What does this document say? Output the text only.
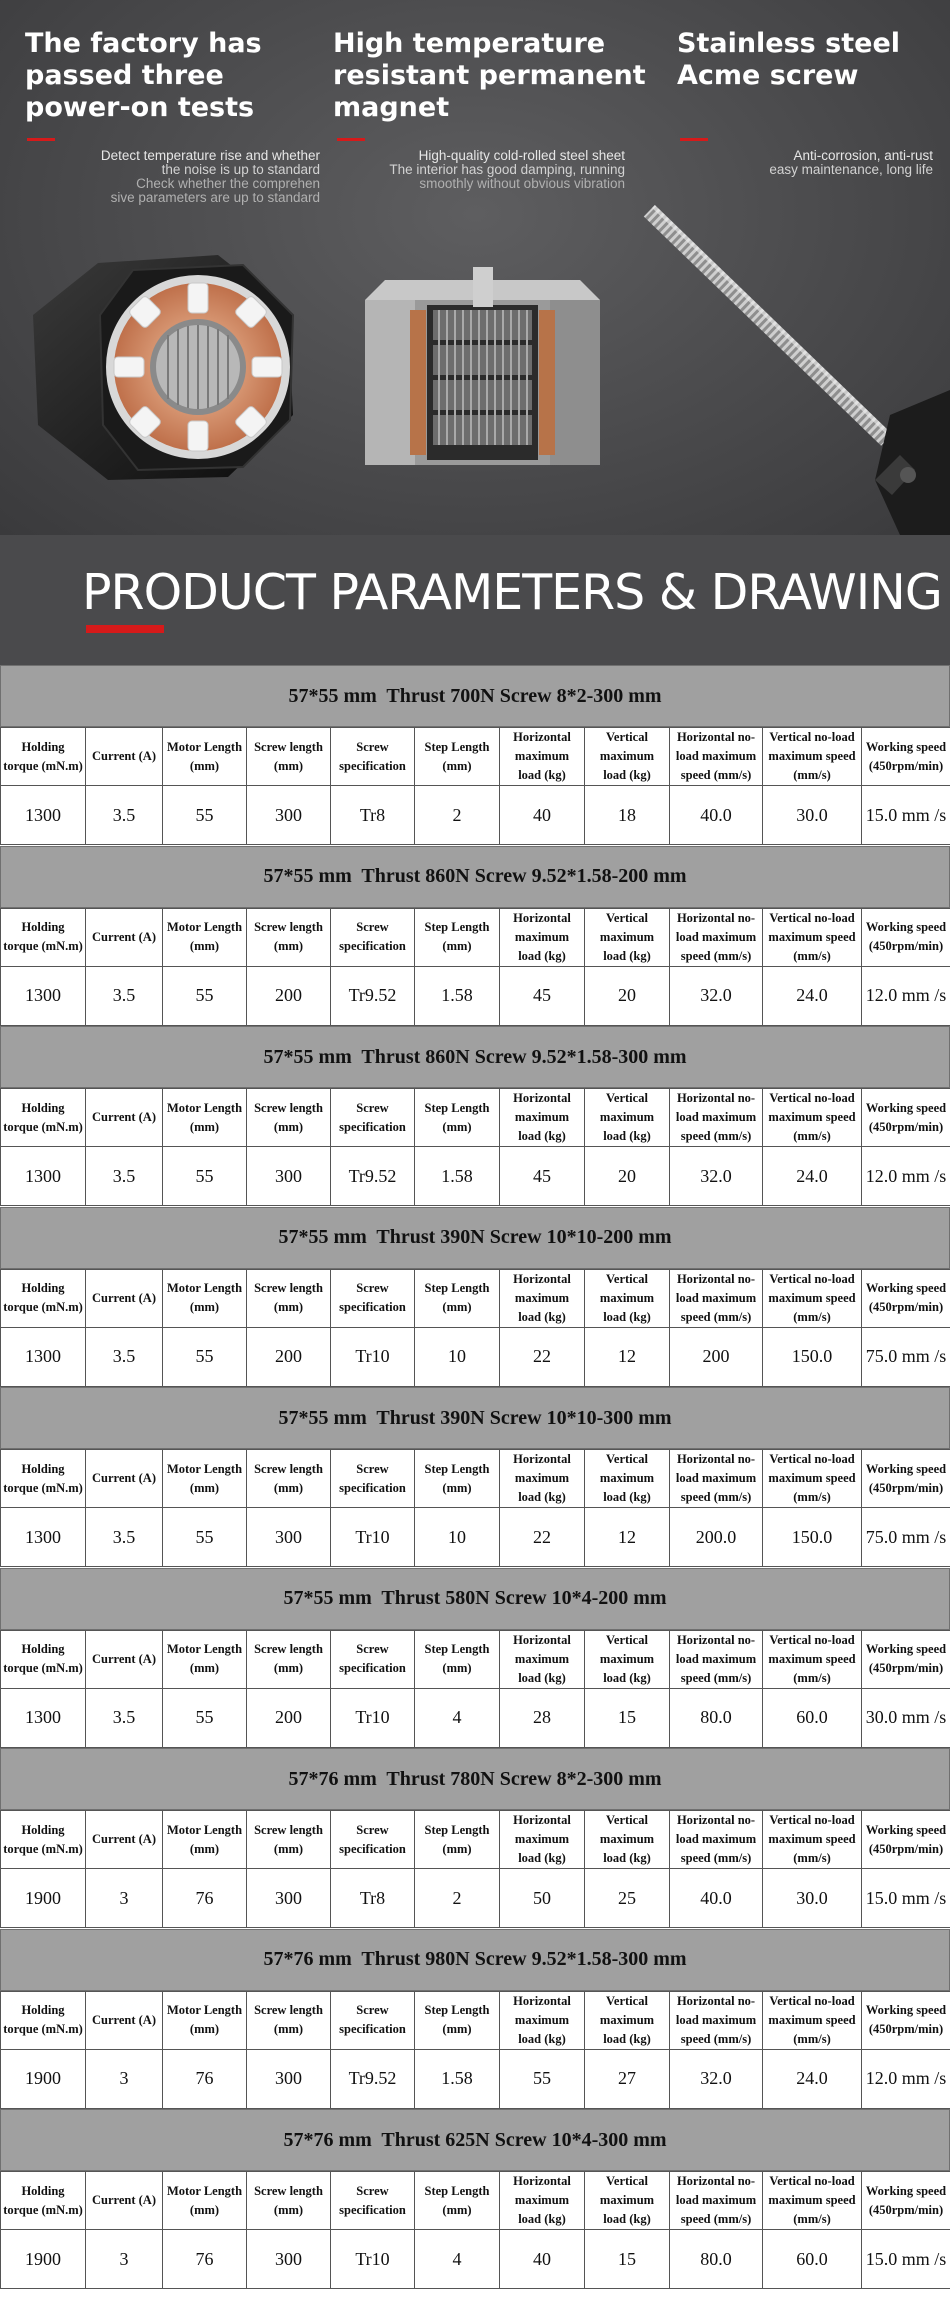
The factory has
passed three
power-on tests
Detect temperature rise and whether
the noise is up to standard
Check whether the comprehen
sive parameters are up to standard
High temperature
resistant permanent
magnet
High-quality cold-rolled steel sheet
The interior has good damping, running
smoothly without obvious vibration
Stainless steel
Acme screw
Anti-corrosion, anti-rust
easy maintenance, long life
PRODUCT PARAMETERS & DRAWING
57*55 mm  Thrust 700N Screw 8*2-300 mm
Holding torque (mN.m)	Current (A)	Motor Length (mm)	Screw length (mm)	Screw specification	Step Length (mm)	Horizontal maximum load (kg)	Vertical maximum load (kg)	Horizontal no-load maximum speed (mm/s)	Vertical no-load maximum speed (mm/s)	Working speed (450rpm/min)
1300	3.5	55	300	Tr8	2	40	18	40.0	30.0	15.0 mm /s
57*55 mm  Thrust 860N Screw 9.52*1.58-200 mm
Holding torque (mN.m)	Current (A)	Motor Length (mm)	Screw length (mm)	Screw specification	Step Length (mm)	Horizontal maximum load (kg)	Vertical maximum load (kg)	Horizontal no-load maximum speed (mm/s)	Vertical no-load maximum speed (mm/s)	Working speed (450rpm/min)
1300	3.5	55	200	Tr9.52	1.58	45	20	32.0	24.0	12.0 mm /s
57*55 mm  Thrust 860N Screw 9.52*1.58-300 mm
Holding torque (mN.m)	Current (A)	Motor Length (mm)	Screw length (mm)	Screw specification	Step Length (mm)	Horizontal maximum load (kg)	Vertical maximum load (kg)	Horizontal no-load maximum speed (mm/s)	Vertical no-load maximum speed (mm/s)	Working speed (450rpm/min)
1300	3.5	55	300	Tr9.52	1.58	45	20	32.0	24.0	12.0 mm /s
57*55 mm  Thrust 390N Screw 10*10-200 mm
Holding torque (mN.m)	Current (A)	Motor Length (mm)	Screw length (mm)	Screw specification	Step Length (mm)	Horizontal maximum load (kg)	Vertical maximum load (kg)	Horizontal no-load maximum speed (mm/s)	Vertical no-load maximum speed (mm/s)	Working speed (450rpm/min)
1300	3.5	55	200	Tr10	10	22	12	200	150.0	75.0 mm /s
57*55 mm  Thrust 390N Screw 10*10-300 mm
Holding torque (mN.m)	Current (A)	Motor Length (mm)	Screw length (mm)	Screw specification	Step Length (mm)	Horizontal maximum load (kg)	Vertical maximum load (kg)	Horizontal no-load maximum speed (mm/s)	Vertical no-load maximum speed (mm/s)	Working speed (450rpm/min)
1300	3.5	55	300	Tr10	10	22	12	200.0	150.0	75.0 mm /s
57*55 mm  Thrust 580N Screw 10*4-200 mm
Holding torque (mN.m)	Current (A)	Motor Length (mm)	Screw length (mm)	Screw specification	Step Length (mm)	Horizontal maximum load (kg)	Vertical maximum load (kg)	Horizontal no-load maximum speed (mm/s)	Vertical no-load maximum speed (mm/s)	Working speed (450rpm/min)
1300	3.5	55	200	Tr10	4	28	15	80.0	60.0	30.0 mm /s
57*76 mm  Thrust 780N Screw 8*2-300 mm
Holding torque (mN.m)	Current (A)	Motor Length (mm)	Screw length (mm)	Screw specification	Step Length (mm)	Horizontal maximum load (kg)	Vertical maximum load (kg)	Horizontal no-load maximum speed (mm/s)	Vertical no-load maximum speed (mm/s)	Working speed (450rpm/min)
1900	3	76	300	Tr8	2	50	25	40.0	30.0	15.0 mm /s
57*76 mm  Thrust 980N Screw 9.52*1.58-300 mm
Holding torque (mN.m)	Current (A)	Motor Length (mm)	Screw length (mm)	Screw specification	Step Length (mm)	Horizontal maximum load (kg)	Vertical maximum load (kg)	Horizontal no-load maximum speed (mm/s)	Vertical no-load maximum speed (mm/s)	Working speed (450rpm/min)
1900	3	76	300	Tr9.52	1.58	55	27	32.0	24.0	12.0 mm /s
57*76 mm  Thrust 625N Screw 10*4-300 mm
Holding torque (mN.m)	Current (A)	Motor Length (mm)	Screw length (mm)	Screw specification	Step Length (mm)	Horizontal maximum load (kg)	Vertical maximum load (kg)	Horizontal no-load maximum speed (mm/s)	Vertical no-load maximum speed (mm/s)	Working speed (450rpm/min)
1900	3	76	300	Tr10	4	40	15	80.0	60.0	15.0 mm /s
